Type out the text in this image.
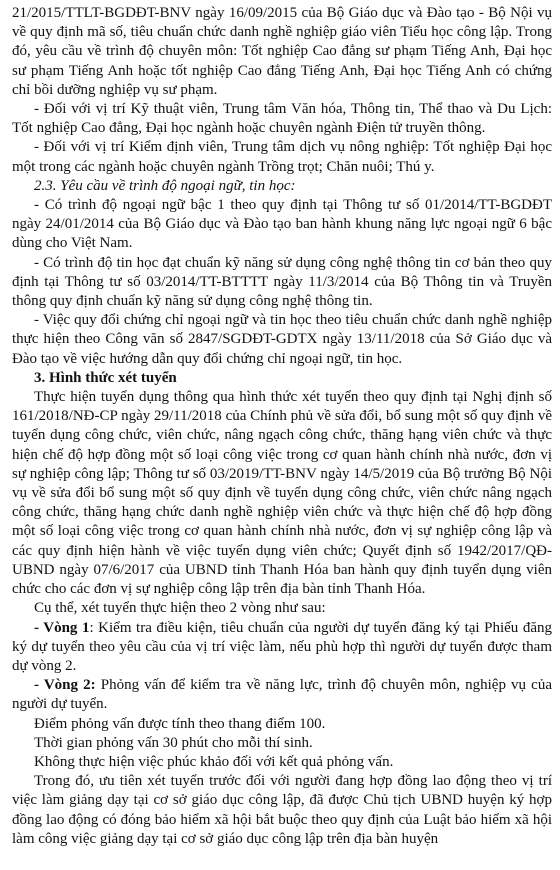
21/2015/TTLT-BGDĐT-BNV ngày 16/09/2015 của Bộ Giáo dục và Đào tạo - Bộ Nội vụ về quy định mã số, tiêu chuẩn chức danh nghề nghiệp giáo viên Tiểu học công lập. Trong đó, yêu cầu về trình độ chuyên môn: Tốt nghiệp Cao đẳng sư phạm Tiếng Anh, Đại học sư phạm Tiếng Anh hoặc tốt nghiệp Cao đẳng Tiếng Anh, Đại học Tiếng Anh có chứng chỉ bồi dưỡng nghiệp vụ sư phạm.

- Đối với vị trí Kỹ thuật viên, Trung tâm Văn hóa, Thông tin, Thể thao và Du Lịch: Tốt nghiệp Cao đẳng, Đại học ngành hoặc chuyên ngành Điện tử truyền thông.

- Đối với vị trí Kiểm định viên, Trung tâm dịch vụ nông nghiệp: Tốt nghiệp Đại học một trong các ngành hoặc chuyên ngành Trồng trọt; Chăn nuôi; Thú y.

2.3. Yêu cầu về trình độ ngoại ngữ, tin học:

- Có trình độ ngoại ngữ bậc 1 theo quy định tại Thông tư số 01/2014/TT-BGDĐT ngày 24/01/2014 của Bộ Giáo dục và Đào tạo ban hành khung năng lực ngoại ngữ 6 bậc dùng cho Việt Nam.

- Có trình độ tin học đạt chuẩn kỹ năng sử dụng công nghệ thông tin cơ bản theo quy định tại Thông tư số 03/2014/TT-BTTTT ngày 11/3/2014 của Bộ Thông tin và Truyền thông quy định chuẩn kỹ năng sử dụng công nghệ thông tin.

- Việc quy đổi chứng chỉ ngoại ngữ và tin học theo tiêu chuẩn chức danh nghề nghiệp thực hiện theo Công văn số 2847/SGDĐT-GDTX ngày 13/11/2018 của Sở Giáo dục và Đào tạo về việc hướng dẫn quy đổi chứng chỉ ngoại ngữ, tin học.

3. Hình thức xét tuyển

Thực hiện tuyển dụng thông qua hình thức xét tuyển theo quy định tại Nghị định số 161/2018/NĐ-CP ngày 29/11/2018 của Chính phủ về sửa đổi, bổ sung một số quy định về tuyển dụng công chức, viên chức, nâng ngạch công chức, thăng hạng viên chức và thực hiện chế độ hợp đồng một số loại công việc trong cơ quan hành chính nhà nước, đơn vị sự nghiệp công lập; Thông tư số 03/2019/TT-BNV ngày 14/5/2019 của Bộ trưởng Bộ Nội vụ về sửa đổi bổ sung một số quy định về tuyển dụng công chức, viên chức nâng ngạch công chức, thăng hạng chức danh nghề nghiệp viên chức và thực hiện chế độ hợp đồng một số loại công việc trong cơ quan hành chính nhà nước, đơn vị sự nghiệp công lập và các quy định hiện hành về việc tuyển dụng viên chức; Quyết định số 1942/2017/QĐ-UBND ngày 07/6/2017 của UBND tỉnh Thanh Hóa ban hành quy định tuyển dụng viên chức cho các đơn vị sự nghiệp công lập trên địa bàn tỉnh Thanh Hóa.

Cụ thể, xét tuyển thực hiện theo 2 vòng như sau:

- Vòng 1: Kiểm tra điều kiện, tiêu chuẩn của người dự tuyển đăng ký tại Phiếu đăng ký dự tuyển theo yêu cầu của vị trí việc làm, nếu phù hợp thì người dự tuyển được tham dự vòng 2.

- Vòng 2: Phỏng vấn để kiểm tra về năng lực, trình độ chuyên môn, nghiệp vụ của người dự tuyển.

Điểm phỏng vấn được tính theo thang điểm 100.

Thời gian phỏng vấn 30 phút cho mỗi thí sinh.

Không thực hiện việc phúc khảo đối với kết quả phỏng vấn.

Trong đó, ưu tiên xét tuyển trước đối với người đang hợp đồng lao động theo vị trí việc làm giảng dạy tại cơ sở giáo dục công lập, đã được Chủ tịch UBND huyện ký hợp đồng lao động có đóng bảo hiểm xã hội bắt buộc theo quy định của Luật bảo hiểm xã hội làm công việc giảng dạy tại cơ sở giáo dục công lập trên địa bàn huyện
